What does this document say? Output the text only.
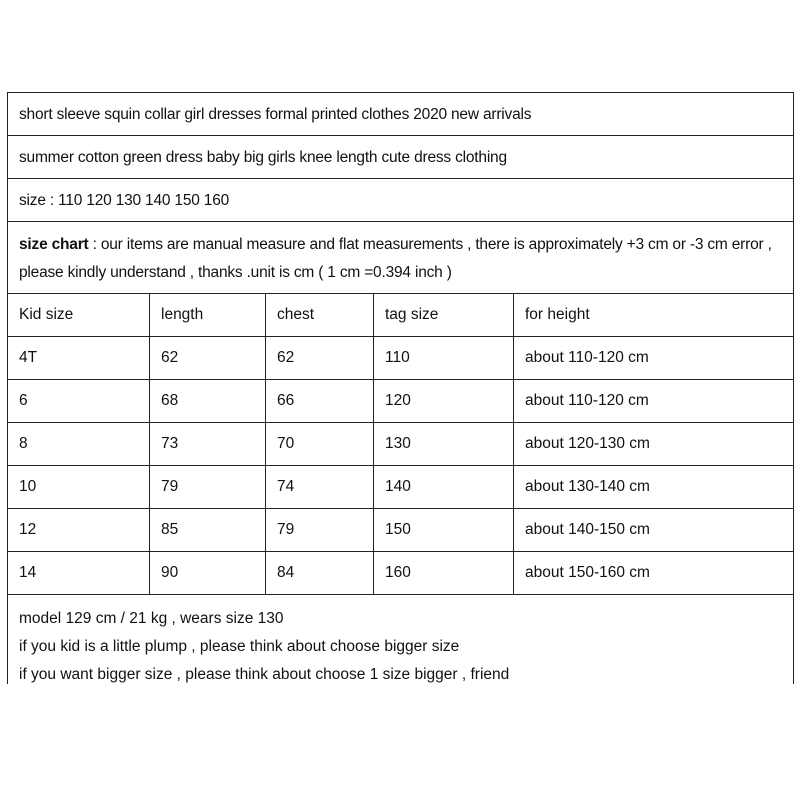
short sleeve squin collar girl dresses formal printed clothes 2020 new arrivals
summer cotton green dress baby big girls knee length cute dress clothing
size : 110 120 130 140 150 160
size chart : our items are manual measure and flat measurements , there is approximately +3 cm or -3 cm error ,
please kindly understand , thanks .unit is cm ( 1 cm =0.394 inch )
Kid size	length	chest	tag size	for height
4T	62	62	110	about 110-120 cm
6	68	66	120	about 110-120 cm
8	73	70	130	about 120-130 cm
10	79	74	140	about 130-140 cm
12	85	79	150	about 140-150 cm
14	90	84	160	about 150-160 cm
model 129 cm / 21 kg , wears size 130
if you kid is a little plump , please think about choose bigger size
if you want bigger size , please think about choose 1 size bigger , friend
